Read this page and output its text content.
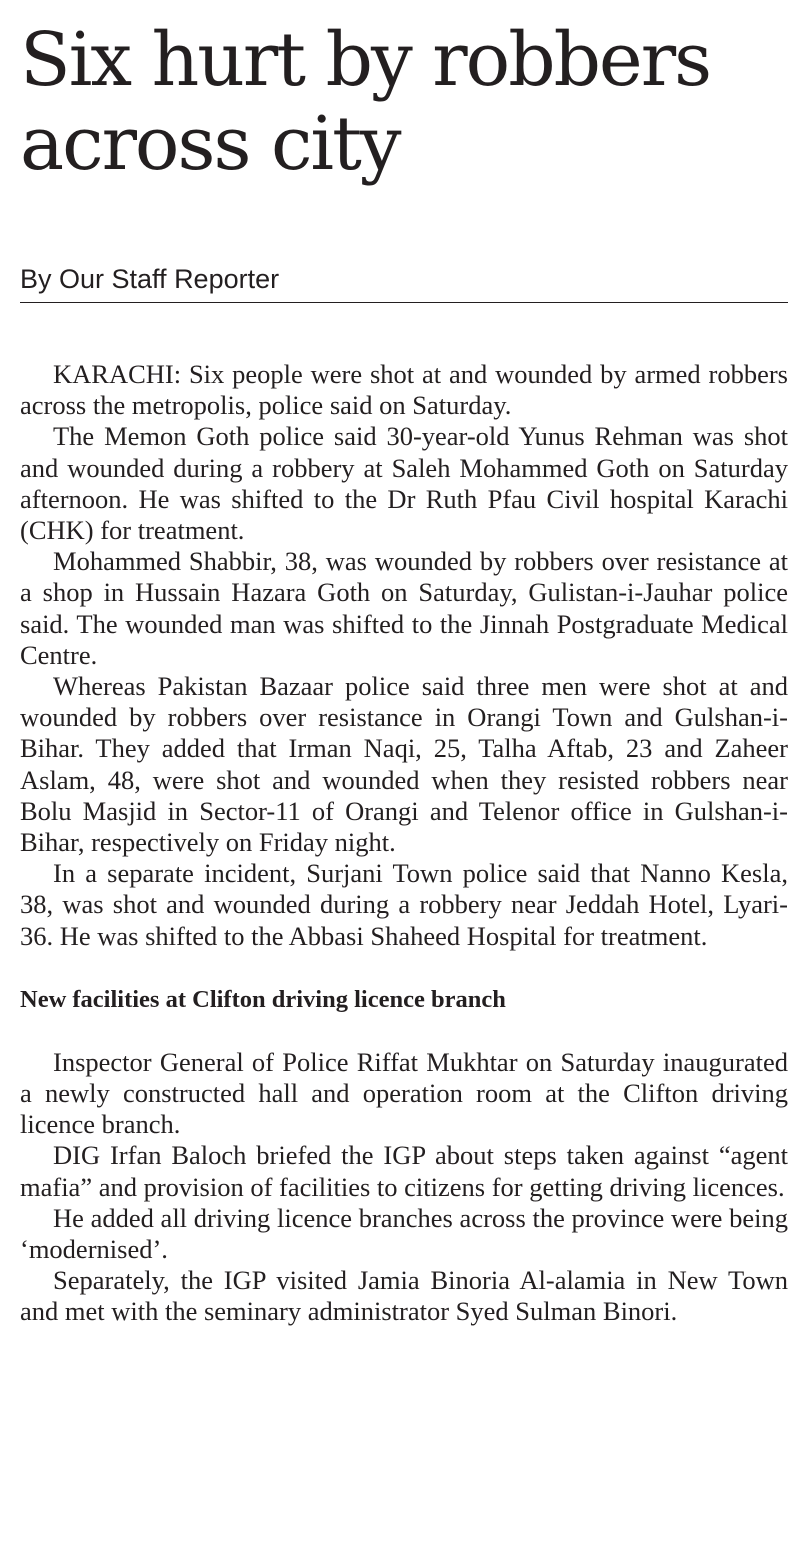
Six hurt by robbers across city
By Our Staff Reporter

KARACHI: Six people were shot at and wounded by armed robbers across the metropolis, police said on Saturday.

The Memon Goth police said 30-year-old Yunus Rehman was shot and wounded during a robbery at Saleh Mohammed Goth on Saturday afternoon. He was shifted to the Dr Ruth Pfau Civil hospital Karachi (CHK) for treatment.

Mohammed Shabbir, 38, was wounded by robbers over resistance at a shop in Hussain Hazara Goth on Saturday, Gulistan-i-Jauhar police said. The wounded man was shifted to the Jinnah Postgraduate Medical Centre.

Whereas Pakistan Bazaar police said three men were shot at and wounded by robbers over resistance in Orangi Town and Gulshan-i-Bihar. They added that Irman Naqi, 25, Talha Aftab, 23 and Zaheer Aslam, 48, were shot and wounded when they resisted robbers near Bolu Masjid in Sector-11 of Orangi and Telenor office in Gulshan-i-Bihar, respectively on Friday night.

In a separate incident, Surjani Town police said that Nanno Kesla, 38, was shot and wounded during a robbery near Jeddah Hotel, Lyari-36. He was shifted to the Abbasi Shaheed Hospital for treatment.

New facilities at Clifton driving licence branch

Inspector General of Police Riffat Mukhtar on Saturday inaugurated a newly constructed hall and operation room at the Clifton driving licence branch.

DIG Irfan Baloch briefed the IGP about steps taken against “agent mafia” and provision of facilities to citizens for getting driving licences.

He added all driving licence branches across the province were being ‘modernised’.

Separately, the IGP visited Jamia Binoria Al-alamia in New Town and met with the seminary administrator Syed Sulman Binori.
